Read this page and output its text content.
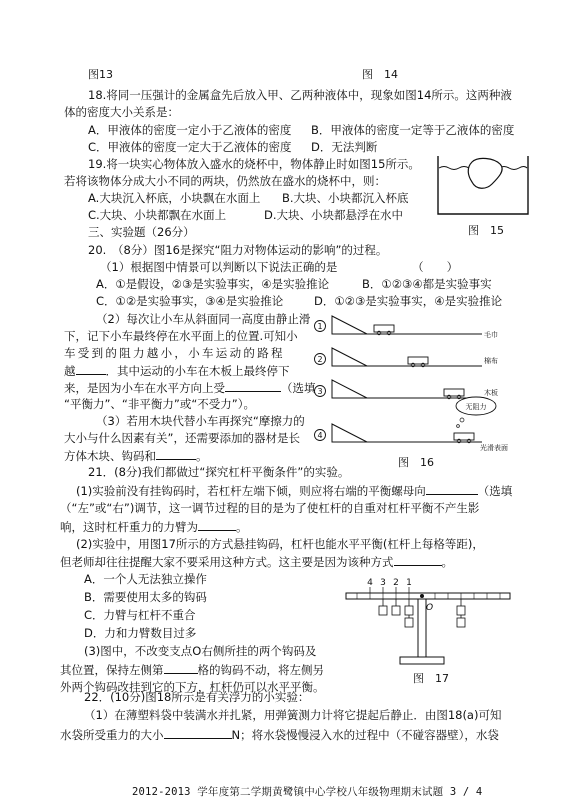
图13	图　14
18.将同一压强计的金属盒先后放入甲、乙两种液体中，现象如图14所示。这两种液
体的密度大小关系是：
A．甲液体的密度一定小于乙液体的密度 B．甲液体的密度一定等于乙液体的密度
C．甲液体的密度一定大于乙液体的密度 D．无法判断
19.将一块实心物体放入盛水的烧杯中，物体静止时如图15所示。
若将该物体分成大小不同的两块，仍然放在盛水的烧杯中，则：
A.大块沉入杯底，小块飘在水面上 B.大块、小块都沉入杯底
C.大块、小块都飘在水面上	D.大块、小块都悬浮在水中
图　15
三、实验题（26分）
20.　（8分）图16是探究“阻力对物体运动的影响”的过程。
（1）根据图中情景可以判断以下说法正确的是　　　　　　　（　　）
A．①是假设，②③是实验事实，④是实验推论	B．①②③④都是实验事实
C．①②是实验事实，③④是实验推论	D．①②③是实验事实，④是实验推论
（2）每次让小车从斜面同一高度由静止滑
下，记下小车最终停在水平面上的位置.可知小
车受到的阻力越小，小车运动的路程
越	．其中运动的小车在木板上最终停下
来，是因为小车在水平方向上受	（选填
“平衡力”、“非平衡力”或“不受力”）。
（3）若用木块代替小车再探究“摩擦力的
大小与什么因素有关”，还需要添加的器材是长
方体木块、钩码和	。
1
毛巾
2	棉布
3	木板
4
无阻力
光滑表面
图　16
21．(8分)我们都做过“探究杠杆平衡条件”的实验。
(1)实验前没有挂钩码时，若杠杆左端下倾，则应将右端的平衡螺母向	（选填
（“左”或“右”)调节，这一调节过程的目的是为了使杠杆的自重对杠杆平衡不产生影
响，这时杠杆重力的力臂为	。
(2)实验中，用图17所示的方式悬挂钩码，杠杆也能水平平衡(杠杆上每格等距)，
但老师却往往提醒大家不要采用这种方式。这主要是因为该种方式	。
A．一个人无法独立操作
B．需要使用太多的钩码
C．力臂与杠杆不重合
D．力和力臂数目过多
(3)图中，不改变支点O右侧所挂的两个钩码及
其位置，保持左侧第	格的钩码不动，将左侧另
外两个钩码改挂到它的下方，杠杆仍可以水平平衡。
4 3 2 1
O
图　17
22．(10分)图18所示是有关浮力的小实验：
（1）在薄塑料袋中装满水并扎紧，用弹簧测力计将它提起后静止．由图18(a)可知
水袋所受重力的大小	N；将水袋慢慢浸入水的过程中（不碰容器壁），水袋
2012-2013 学年度第二学期黄鹭镇中心学校八年级物理期末试题 3 / 4
